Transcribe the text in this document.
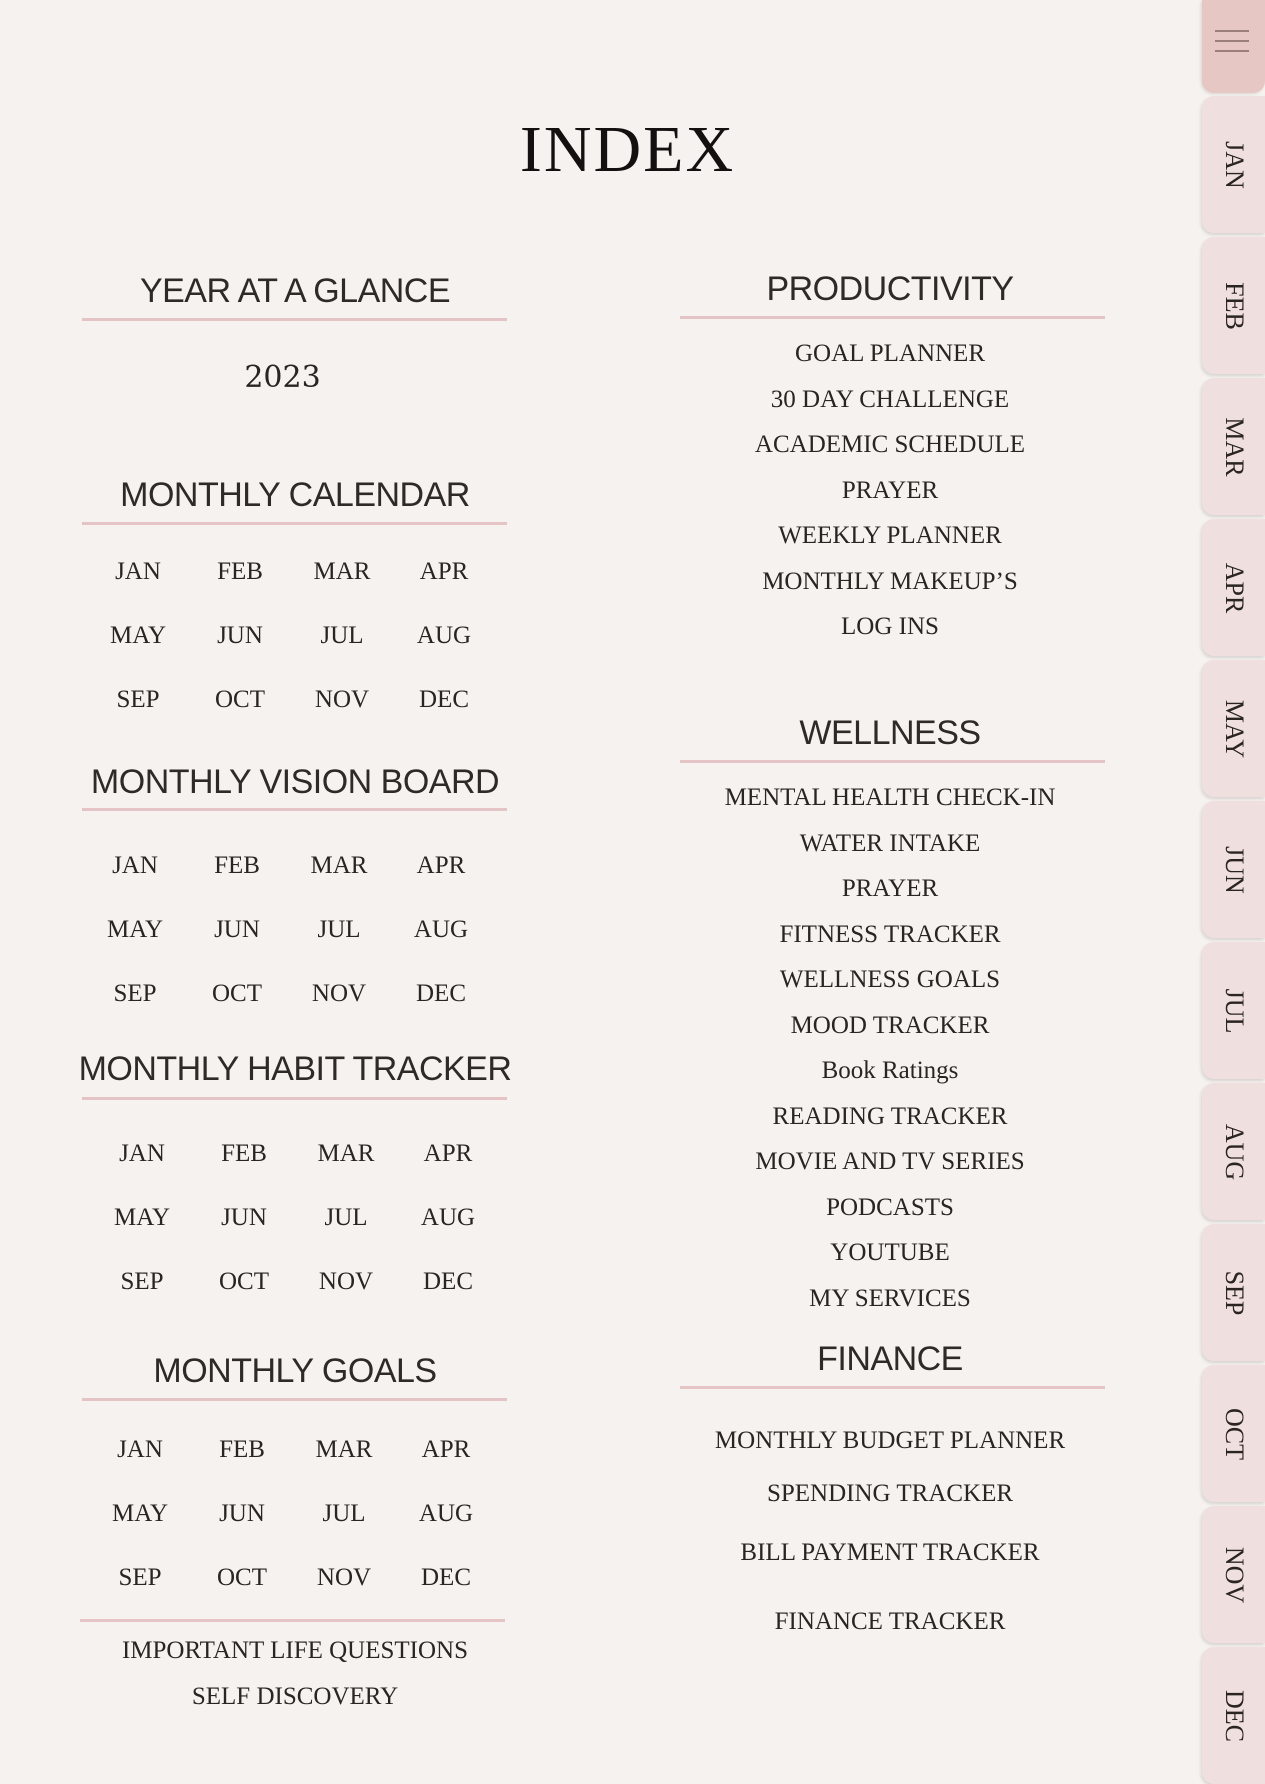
INDEX
YEAR AT A GLANCE
2023
MONTHLY CALENDAR
JAN	FEB	MAR	APR
MAY	JUN	JUL	AUG
SEP	OCT	NOV	DEC
MONTHLY VISION BOARD
JAN	FEB	MAR	APR
MAY	JUN	JUL	AUG
SEP	OCT	NOV	DEC
MONTHLY HABIT TRACKER
JAN	FEB	MAR	APR
MAY	JUN	JUL	AUG
SEP	OCT	NOV	DEC
MONTHLY GOALS
JAN	FEB	MAR	APR
MAY	JUN	JUL	AUG
SEP	OCT	NOV	DEC
IMPORTANT LIFE QUESTIONS
SELF DISCOVERY
PRODUCTIVITY
GOAL PLANNER
30 DAY CHALLENGE
ACADEMIC SCHEDULE
PRAYER
WEEKLY PLANNER
MONTHLY MAKEUP’S
LOG INS
WELLNESS
MENTAL HEALTH CHECK-IN
WATER INTAKE
PRAYER
FITNESS TRACKER
WELLNESS GOALS
MOOD TRACKER
Book Ratings
READING TRACKER
MOVIE AND TV SERIES
PODCASTS
YOUTUBE
MY SERVICES
FINANCE
MONTHLY BUDGET PLANNER
SPENDING TRACKER
BILL PAYMENT TRACKER
FINANCE TRACKER
JAN
FEB
MAR
APR
MAY
JUN
JUL
AUG
SEP
OCT
NOV
DEC
